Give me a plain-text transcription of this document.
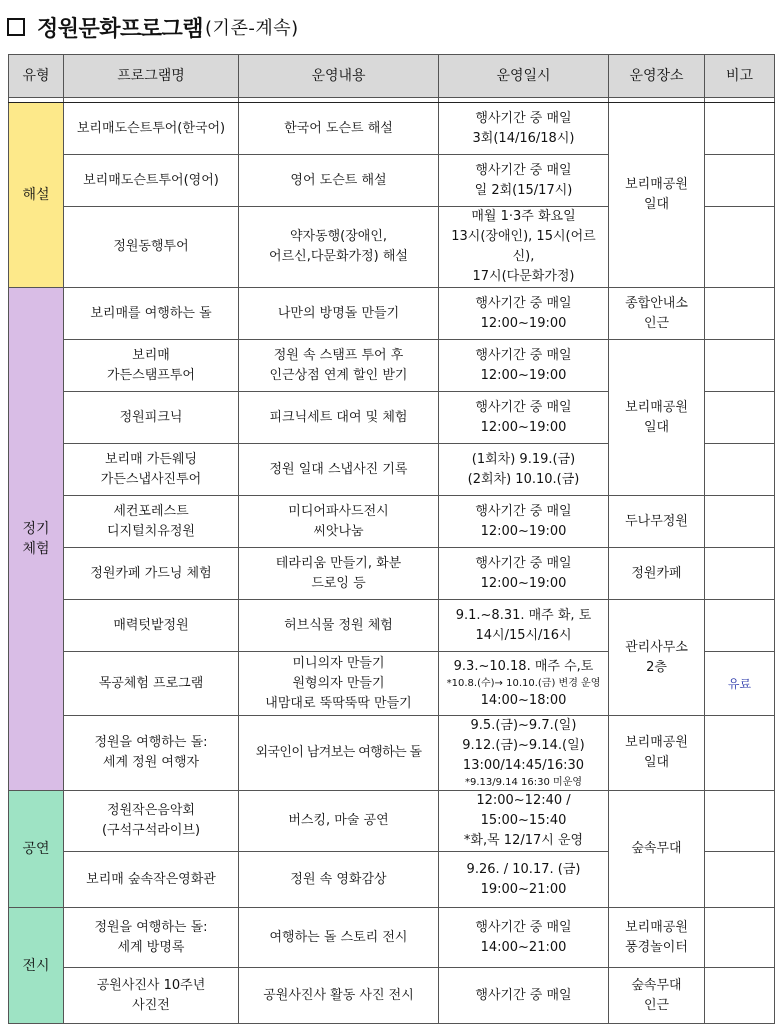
정원문화프로그램 (기존-계속)
유형	프로그램명	운영내용	운영일시	운영장소	비고

해설	보리매도슨트투어(한국어)	한국어 도슨트 해설	행사기간 중 매일
3회(14/16/18시)	보리매공원
일대	

	보리매도슨트투어(영어)	영어 도슨트 해설	행사기간 중 매일
일 2회(15/17시)		

	정원동행투어	약자동행(장애인,
어르신,다문화가정) 해설	매월 1·3주 화요일
13시(장애인), 15시(어르신),
17시(다문화가정)		

정기
체험	보리매를 여행하는 돌	나만의 방명돌 만들기	행사기간 중 매일
12:00~19:00	종합안내소
인근	

	보리매
가든스탬프투어	정원 속 스탬프 투어 후
인근상점 연계 할인 받기	행사기간 중 매일
12:00~19:00	보리매공원
일대	

	정원피크닉	피크닉세트 대여 및 체험	행사기간 중 매일
12:00~19:00		

	보리매 가든웨딩
가든스냅사진투어	정원 일대 스냅사진 기록	(1회차) 9.19.(금)
(2회차) 10.10.(금)		

	세컨포레스트
디지털치유정원	미디어파사드전시
씨앗나눔	행사기간 중 매일
12:00~19:00	두나무정원	
	정원카페 가드닝 체험	테라리움 만들기, 화분
드로잉 등	행사기간 중 매일
12:00~19:00	정원카페	
	매력텃밭정원	허브식물 정원 체험	9.1.~8.31. 매주 화, 토
14시/15시/16시	관리사무소
2층	

	목공체험 프로그램	미니의자 만들기
원형의자 만들기
내맘대로 뚝딱뚝딱 만들기	9.3.~10.18. 매주 수,토
*10.8.(수)→ 10.10.(금) 변경 운영
14:00~18:00		유료

	정원을 여행하는 돌:
세계 정원 여행자	외국인이 남겨보는 여행하는 돌	9.5.(금)~9.7.(일)
9.12.(금)~9.14.(일)
13:00/14:45/16:30
*9.13/9.14 16:30 미운영	보리매공원
일대	

공연	정원작은음악회
(구석구석라이브)	버스킹, 마술 공연	12:00~12:40 / 15:00~15:40
*화,목 12/17시 운영	숲속무대	
	보리매 숲속작은영화관	정원 속 영화감상	9.26. / 10.17. (금)
19:00~21:00		

전시	정원을 여행하는 돌:
세계 방명록	여행하는 돌 스토리 전시	행사기간 중 매일
14:00~21:00	보리매공원
풍경놀이터	

	공원사진사 10주년
사진전	공원사진사 활동 사진 전시	행사기간 중 매일	숲속무대
인근	
